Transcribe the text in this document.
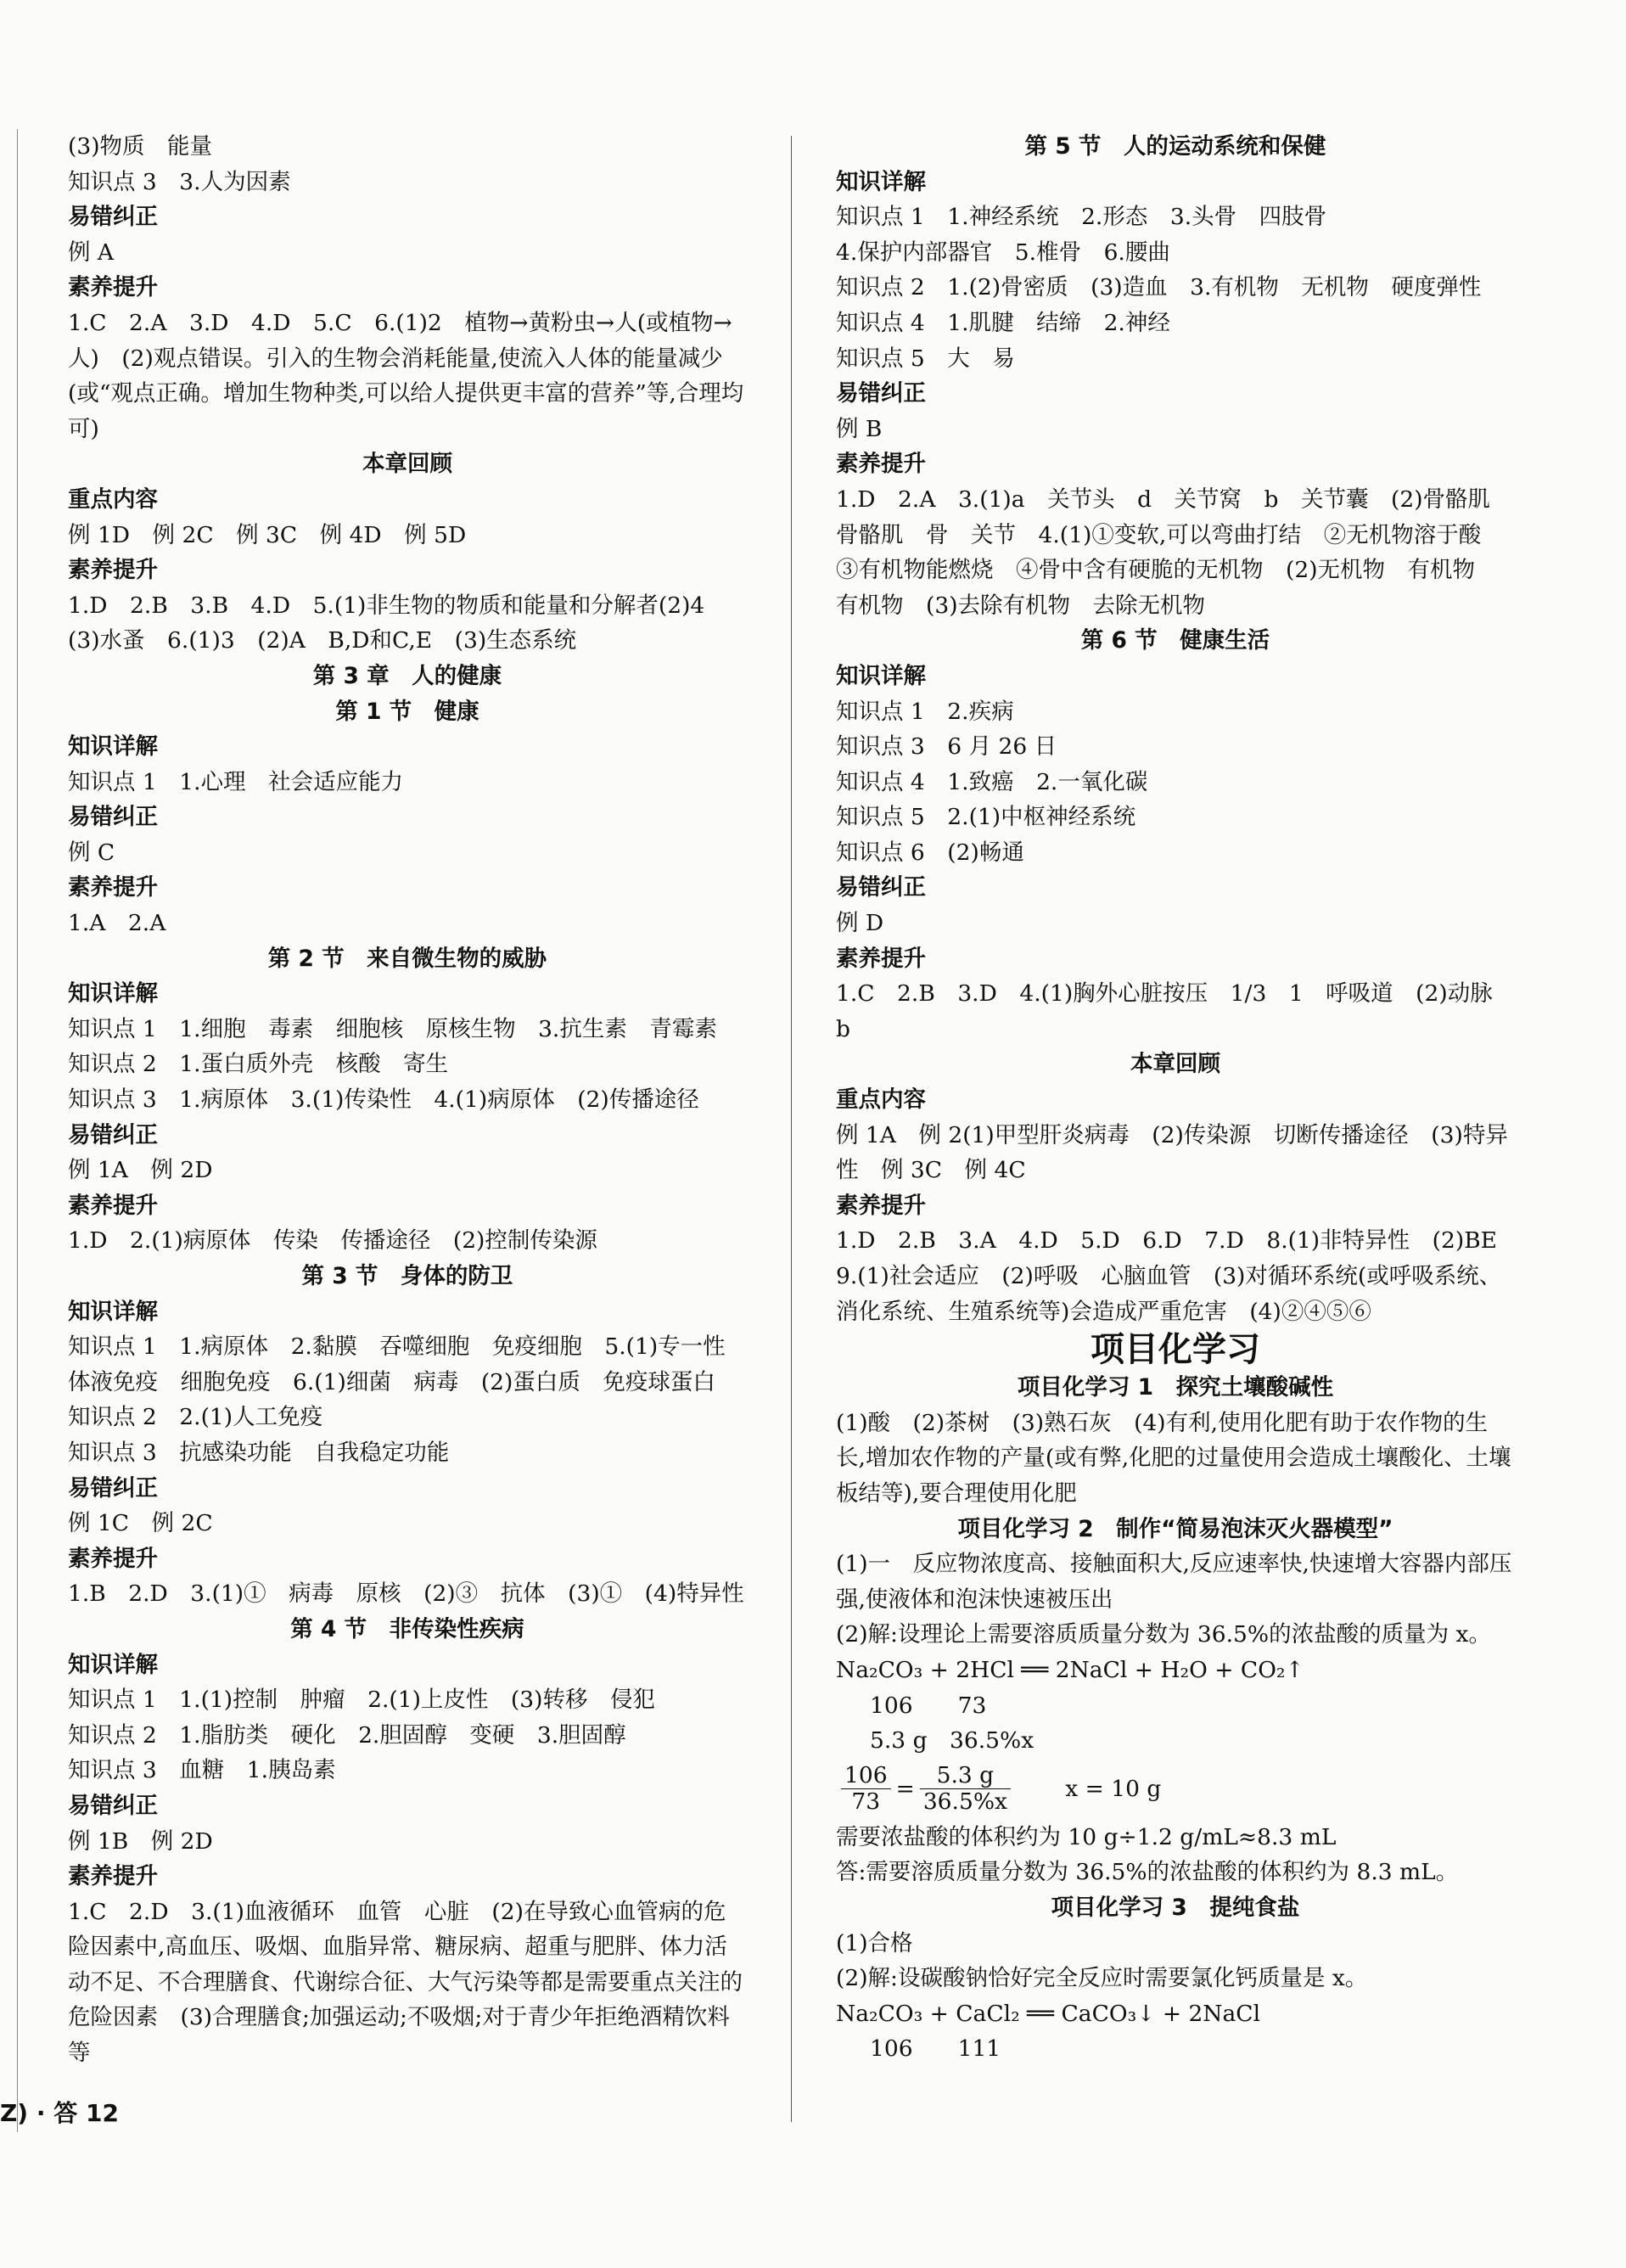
(3)物质　能量
知识点 3　3.人为因素
易错纠正
例 A
素养提升
1.C　2.A　3.D　4.D　5.C　6.(1)2　植物→黄粉虫→人(或植物→人)　(2)观点错误。引入的生物会消耗能量,使流入人体的能量减少(或“观点正确。增加生物种类,可以给人提供更丰富的营养”等,合理均可)
本章回顾
重点内容
例 1D　例 2C　例 3C　例 4D　例 5D
素养提升
1.D　2.B　3.B　4.D　5.(1)非生物的物质和能量和分解者(2)4　(3)水蚤　6.(1)3　(2)A　B,D和C,E　(3)生态系统
第 3 章　人的健康
第 1 节　健康
知识详解
知识点 1　1.心理　社会适应能力
易错纠正
例 C
素养提升
1.A　2.A
第 2 节　来自微生物的威胁
知识详解
知识点 1　1.细胞　毒素　细胞核　原核生物　3.抗生素　青霉素
知识点 2　1.蛋白质外壳　核酸　寄生
知识点 3　1.病原体　3.(1)传染性　4.(1)病原体　(2)传播途径
易错纠正
例 1A　例 2D
素养提升
1.D　2.(1)病原体　传染　传播途径　(2)控制传染源
第 3 节　身体的防卫
知识详解
知识点 1　1.病原体　2.黏膜　吞噬细胞　免疫细胞　5.(1)专一性　体液免疫　细胞免疫　6.(1)细菌　病毒　(2)蛋白质　免疫球蛋白
知识点 2　2.(1)人工免疫
知识点 3　抗感染功能　自我稳定功能
易错纠正
例 1C　例 2C
素养提升
1.B　2.D　3.(1)①　病毒　原核　(2)③　抗体　(3)①　(4)特异性
第 4 节　非传染性疾病
知识详解
知识点 1　1.(1)控制　肿瘤　2.(1)上皮性　(3)转移　侵犯
知识点 2　1.脂肪类　硬化　2.胆固醇　变硬　3.胆固醇
知识点 3　血糖　1.胰岛素
易错纠正
例 1B　例 2D
素养提升
1.C　2.D　3.(1)血液循环　血管　心脏　(2)在导致心血管病的危险因素中,高血压、吸烟、血脂异常、糖尿病、超重与肥胖、体力活动不足、不合理膳食、代谢综合征、大气污染等都是需要重点关注的危险因素　(3)合理膳食;加强运动;不吸烟;对于青少年拒绝酒精饮料等
第 5 节　人的运动系统和保健
知识详解
知识点 1　1.神经系统　2.形态　3.头骨　四肢骨
4.保护内部器官　5.椎骨　6.腰曲
知识点 2　1.(2)骨密质　(3)造血　3.有机物　无机物　硬度弹性
知识点 4　1.肌腱　结缔　2.神经
知识点 5　大　易
易错纠正
例 B
素养提升
1.D　2.A　3.(1)a　关节头　d　关节窝　b　关节囊　(2)骨骼肌　骨骼肌　骨　关节　4.(1)①变软,可以弯曲打结　②无机物溶于酸　③有机物能燃烧　④骨中含有硬脆的无机物　(2)无机物　有机物　有机物　(3)去除有机物　去除无机物
第 6 节　健康生活
知识详解
知识点 1　2.疾病
知识点 3　6 月 26 日
知识点 4　1.致癌　2.一氧化碳
知识点 5　2.(1)中枢神经系统
知识点 6　(2)畅通
易错纠正
例 D
素养提升
1.C　2.B　3.D　4.(1)胸外心脏按压　1/3　1　呼吸道　(2)动脉　b
本章回顾
重点内容
例 1A　例 2(1)甲型肝炎病毒　(2)传染源　切断传播途径　(3)特异性　例 3C　例 4C
素养提升
1.D　2.B　3.A　4.D　5.D　6.D　7.D　8.(1)非特异性　(2)BE
9.(1)社会适应　(2)呼吸　心脑血管　(3)对循环系统(或呼吸系统、消化系统、生殖系统等)会造成严重危害　(4)②④⑤⑥
项目化学习
项目化学习 1　探究土壤酸碱性
(1)酸　(2)茶树　(3)熟石灰　(4)有利,使用化肥有助于农作物的生长,增加农作物的产量(或有弊,化肥的过量使用会造成土壤酸化、土壤板结等),要合理使用化肥
项目化学习 2　制作“简易泡沫灭火器模型”
(1)一　反应物浓度高、接触面积大,反应速率快,快速增大容器内部压强,使液体和泡沫快速被压出
(2)解:设理论上需要溶质质量分数为 36.5%的浓盐酸的质量为 x。
Na₂CO₃ + 2HCl ══ 2NaCl + H₂O + CO₂↑
106　　73
5.3 g　36.5%x
$\frac{106}{73} = \frac{5.3 g}{36.5\%x}$ x = 10 g
需要浓盐酸的体积约为 10 g÷1.2 g/mL≈8.3 mL
答:需要溶质质量分数为 36.5%的浓盐酸的体积约为 8.3 mL。
项目化学习 3　提纯食盐
(1)合格
(2)解:设碳酸钠恰好完全反应时需要氯化钙质量是 x。
Na₂CO₃ + CaCl₂ ══ CaCO₃↓ + 2NaCl
106　　111
Z) · 答 12
